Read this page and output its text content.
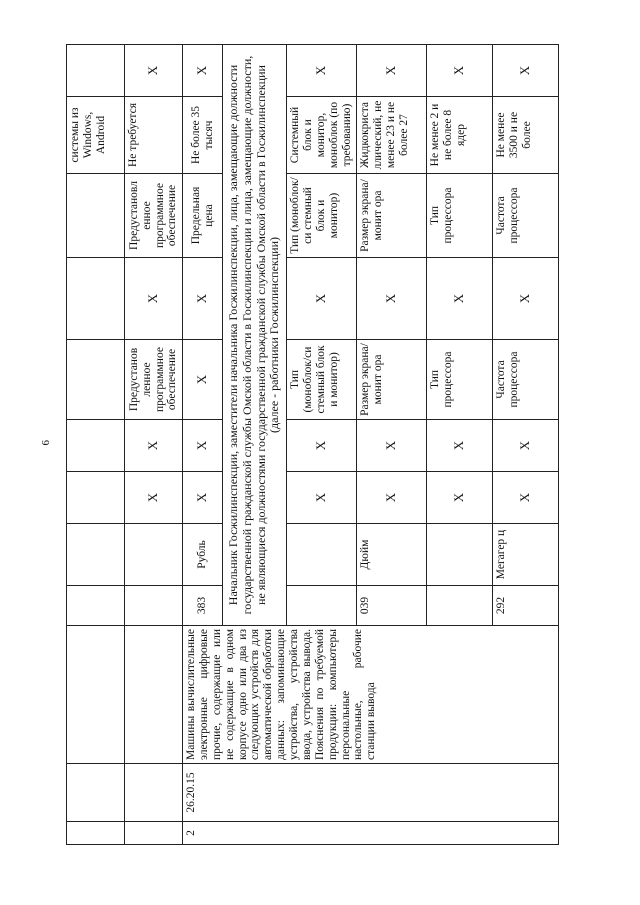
6
										системы из Windows, Android	
					X	X	Предустанов ленное программное обеспечение	X	Предустановл енное программное обеспечение	Не требуется	X
2	26.20.15	Машины вычислительные электронные цифровые прочие, содержащие или не содержащие в одном корпусе одно или два из следующих устройств для автоматической обработки данных: запоминающие устройства, устройства ввода, устройства вывода. Пояснения по требуемой продукции: компьютеры персональные настольные, рабочие станции вывода	383	Рубль	X	X	X	X	Предельная цена	Не более 35 тысяч	X
			Начальник Госжилинспекции, заместители начальника Госжилинспекции, лица, замещающие должности государственной гражданской службы Омской области в Госжилинспекции и лица, замещающие должности, не являющиеся должностями государственной гражданской службы Омской области в Госжилинспекции (далее - работники Госжилинспекции)								
					X	X	Тип (моноблок/си стемный блок и монитор)	X	Тип (моноблок/си стемный блок и монитор)	Системный блок и монитор, моноблок (по требованию)	X
			039	Дюйм	X	X	Размер экрана/монит ора	X	Размер экрана/монит ора	Жидкокриста ллический, не менее 23 и не более 27	X
					X	X	Тип процессора	X	Тип процессора	Не менее 2 и не более 8 ядер	X
			292	Мегагер ц	X	X	Частота процессора	X	Частота процессора	Не менее 3500 и не более	X
